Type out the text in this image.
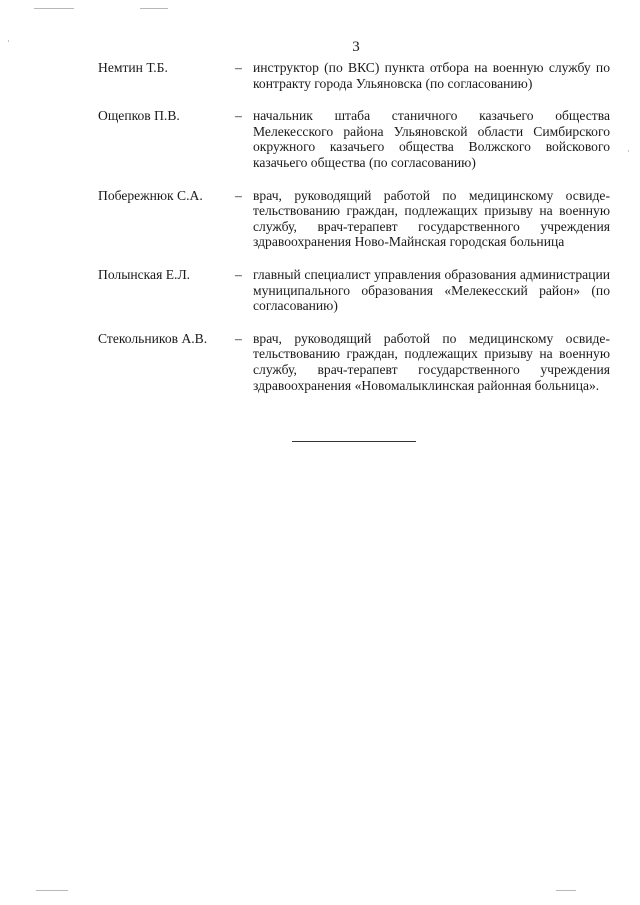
3
Немтин Т.Б.	– инструктор (по ВКС) пункта отбора на военную службу по контракту города Ульяновска (по согласованию)
Ощепков П.В.	– начальник штаба станичного казачьего общества Мелекесского района Ульяновской области Симбирского окружного казачьего общества Волжского войскового казачьего общества (по согласованию)
Побережнюк С.А.	– врач, руководящий работой по медицинскому освидетельствованию граждан, подлежащих призыву на военную службу, врач-терапевт государственного учреждения здравоохранения Ново-Майнская городская больница
Полынская Е.Л.	– главный специалист управления образования администрации муниципального образования «Мелекесский район» (по согласованию)
Стекольников А.В.	– врач, руководящий работой по медицинскому освидетельствованию граждан, подлежащих призыву на военную службу, врач-терапевт государственного учреждения здравоохранения «Новомалыклинская районная больница».
